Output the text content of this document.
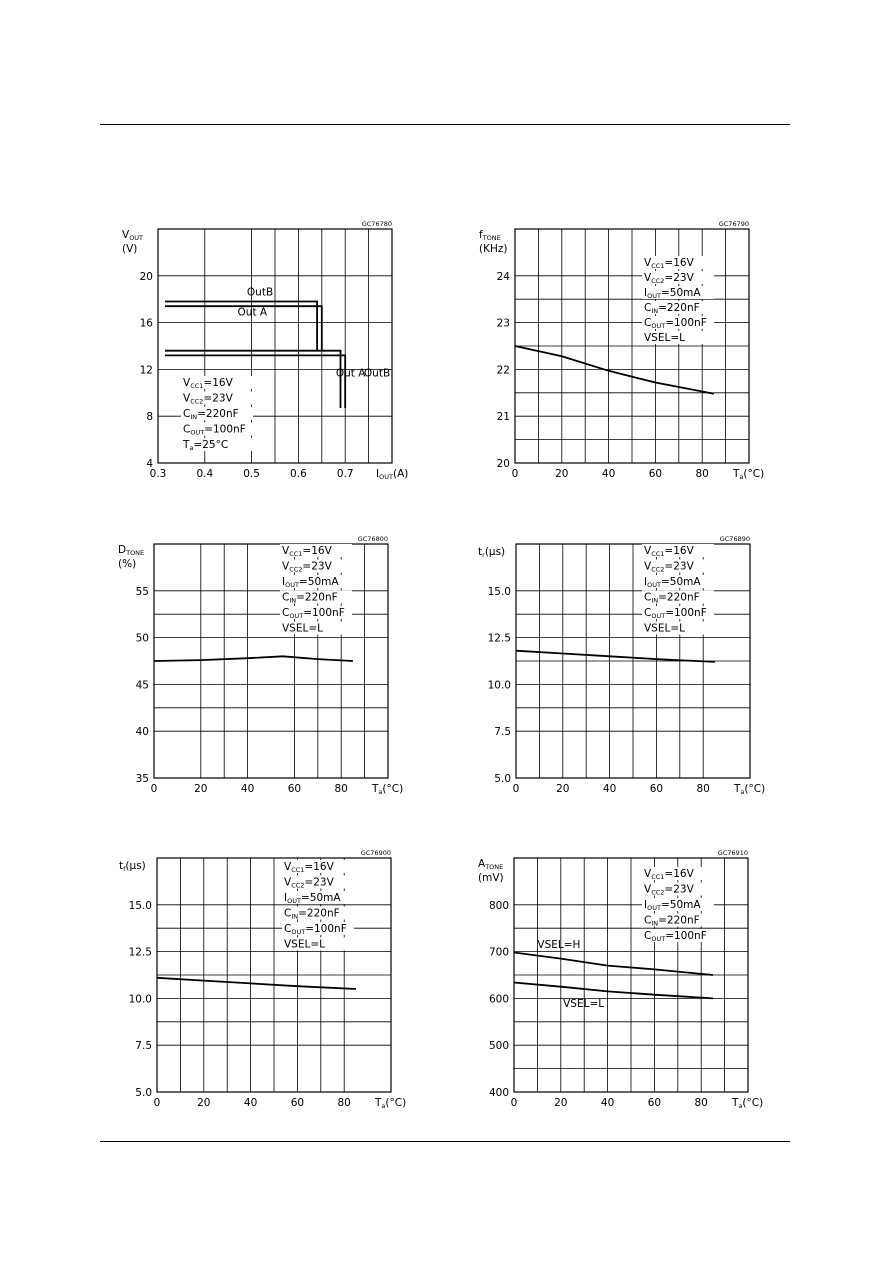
0.3	0.4	0.5	0.6	0.7
4
8
12
16
20
VOUT
(V)
IOUT(A)
GC76780
OutB
Out A
Out A
OutB
VCC1=16V
VCC2=23V
CIN=220nF
COUT=100nF
Ta=25°C
0	20	40	60	80
20
21
22
23
24
fTONE
(KHz)
Ta(°C)
GC76790
VCC1=16V
VCC2=23V
IOUT=50mA
CIN=220nF
COUT=100nF
VSEL=L
0	20	40	60	80
35
40
45
50
55
DTONE
(%)
Ta(°C)
GC76800
VCC1=16V
VCC2=23V
IOUT=50mA
CIN=220nF
COUT=100nF
VSEL=L
0	20	40	60	80
5.0
7.5
10.0
12.5
15.0
tr(µs)
Ta(°C)
GC76890
VCC1=16V
VCC2=23V
IOUT=50mA
CIN=220nF
COUT=100nF
VSEL=L
0	20	40	60	80
5.0
7.5
10.0
12.5
15.0
tf(µs)
Ta(°C)
GC76900
VCC1=16V
VCC2=23V
IOUT=50mA
CIN=220nF
COUT=100nF
VSEL=L
0	20	40	60	80
400
500
600
700
800
ATONE
(mV)
Ta(°C)
GC76910
VSEL=H
VSEL=L
VCC1=16V
VCC2=23V
IOUT=50mA
CIN=220nF
COUT=100nF
